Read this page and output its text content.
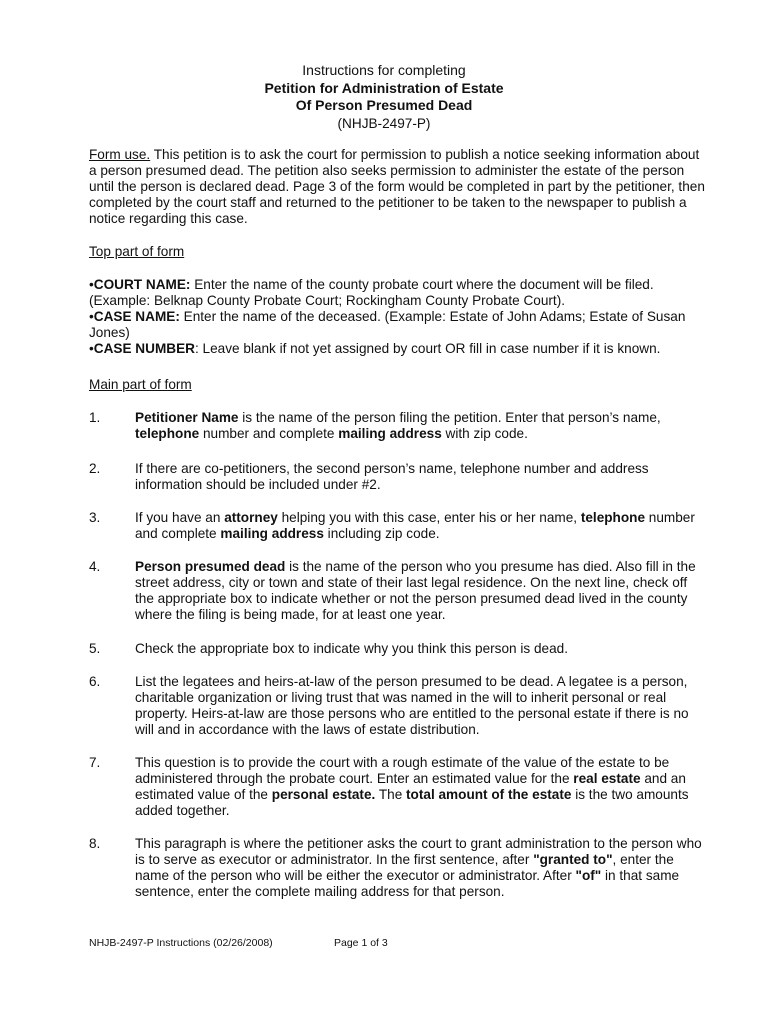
Instructions for completing
Petition for Administration of Estate
Of Person Presumed Dead
(NHJB-2497-P)
Form use. This petition is to ask the court for permission to publish a notice seeking information about a person presumed dead. The petition also seeks permission to administer the estate of the person until the person is declared dead. Page 3 of the form would be completed in part by the petitioner, then completed by the court staff and returned to the petitioner to be taken to the newspaper to publish a notice regarding this case.
Top part of form
•COURT NAME: Enter the name of the county probate court where the document will be filed. (Example: Belknap County Probate Court; Rockingham County Probate Court).
•CASE NAME: Enter the name of the deceased. (Example: Estate of John Adams; Estate of Susan Jones)
•CASE NUMBER: Leave blank if not yet assigned by court OR fill in case number if it is known.
Main part of form
1.	Petitioner Name is the name of the person filing the petition. Enter that person’s name, telephone number and complete mailing address with zip code.
2.	If there are co-petitioners, the second person’s name, telephone number and address information should be included under #2.
3.	If you have an attorney helping you with this case, enter his or her name, telephone number and complete mailing address including zip code.
4.	Person presumed dead is the name of the person who you presume has died. Also fill in the street address, city or town and state of their last legal residence. On the next line, check off the appropriate box to indicate whether or not the person presumed dead lived in the county where the filing is being made, for at least one year.
5.	Check the appropriate box to indicate why you think this person is dead.
6.	List the legatees and heirs-at-law of the person presumed to be dead. A legatee is a person, charitable organization or living trust that was named in the will to inherit personal or real property. Heirs-at-law are those persons who are entitled to the personal estate if there is no will and in accordance with the laws of estate distribution.
7.	This question is to provide the court with a rough estimate of the value of the estate to be administered through the probate court. Enter an estimated value for the real estate and an estimated value of the personal estate. The total amount of the estate is the two amounts added together.
8.	This paragraph is where the petitioner asks the court to grant administration to the person who is to serve as executor or administrator. In the first sentence, after "granted to", enter the name of the person who will be either the executor or administrator. After "of" in that same sentence, enter the complete mailing address for that person.
NHJB-2497-P Instructions (02/26/2008)	Page 1 of 3
